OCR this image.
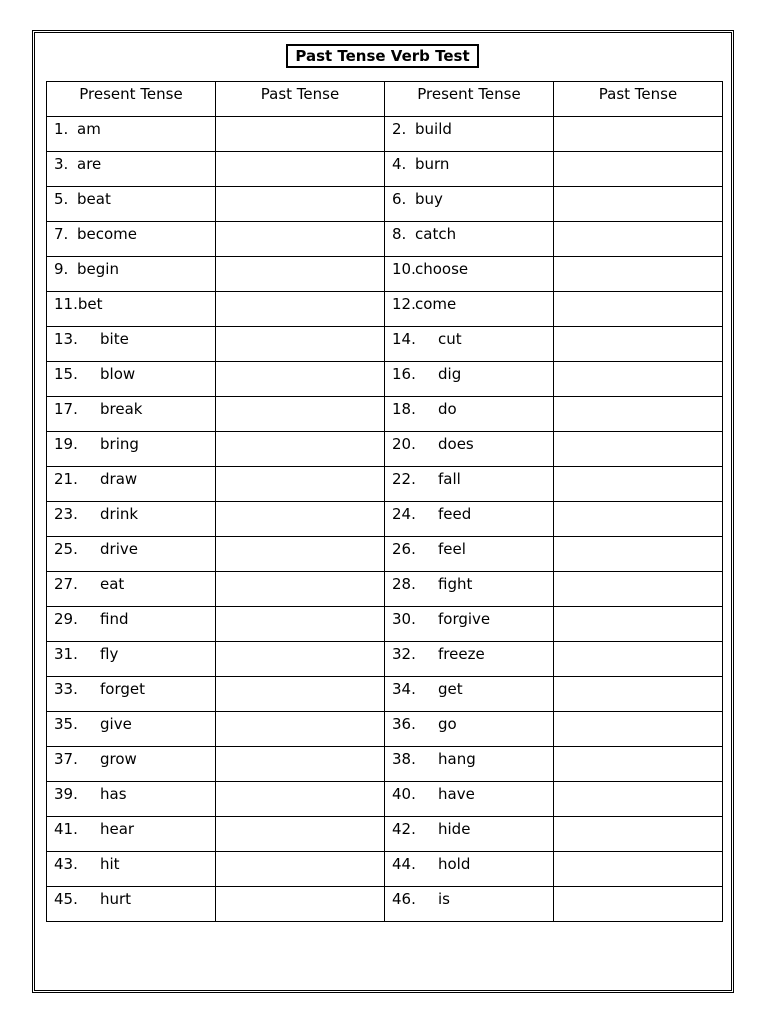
Past Tense Verb Test
Present Tense	Past Tense	Present Tense	Past Tense
1. am		2. build	
3. are		4. burn	
5. beat		6. buy	
7. become		8. catch	
9. begin		10.choose	
11.bet		12.come	
13. bite		14. cut	
15. blow		16. dig	
17. break		18. do	
19. bring		20. does	
21. draw		22. fall	
23. drink		24. feed	
25. drive		26. feel	
27. eat		28. fight	
29. find		30. forgive	
31. fly		32. freeze	
33. forget		34. get	
35. give		36. go	
37. grow		38. hang	
39. has		40. have	
41. hear		42. hide	
43. hit		44. hold	
45. hurt		46. is	
